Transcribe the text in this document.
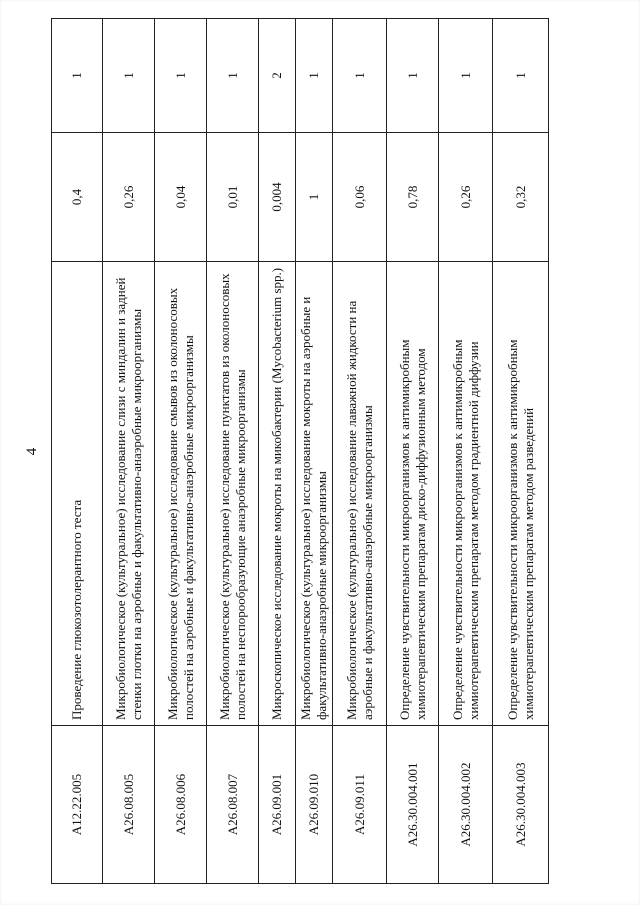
4
A12.22.005	Проведение глюкозотолерантного теста	0,4	1
A26.08.005	Микробиологическое (культуральное) исследование слизи с миндалин и задней стенки глотки на аэробные и факультативно-анаэробные микроорганизмы	0,26	1
A26.08.006	Микробиологическое (культуральное) исследование смывов из околоносовых полостей на аэробные и факультативно-анаэробные микроорганизмы	0,04	1
A26.08.007	Микробиологическое (культуральное) исследование пунктатов из околоносовых полостей на неспорообразующие анаэробные микроорганизмы	0,01	1
A26.09.001	Микроскопическое исследование мокроты на микобактерии (Mycobacterium spp.)	0,004	2
A26.09.010	Микробиологическое (культуральное) исследование мокроты на аэробные и факультативно-анаэробные микроорганизмы	1	1
A26.09.011	Микробиологическое (культуральное) исследование лаважной жидкости на аэробные и факультативно-анаэробные микроорганизмы	0,06	1
A26.30.004.001	Определение чувствительности микроорганизмов к антимикробным химиотерапевтическим препаратам диско-диффузионным методом	0,78	1
A26.30.004.002	Определение чувствительности микроорганизмов к антимикробным химиотерапевтическим препаратам методом градиентной диффузии	0,26	1
A26.30.004.003	Определение чувствительности микроорганизмов к антимикробным химиотерапевтическим препаратам методом разведений	0,32	1
